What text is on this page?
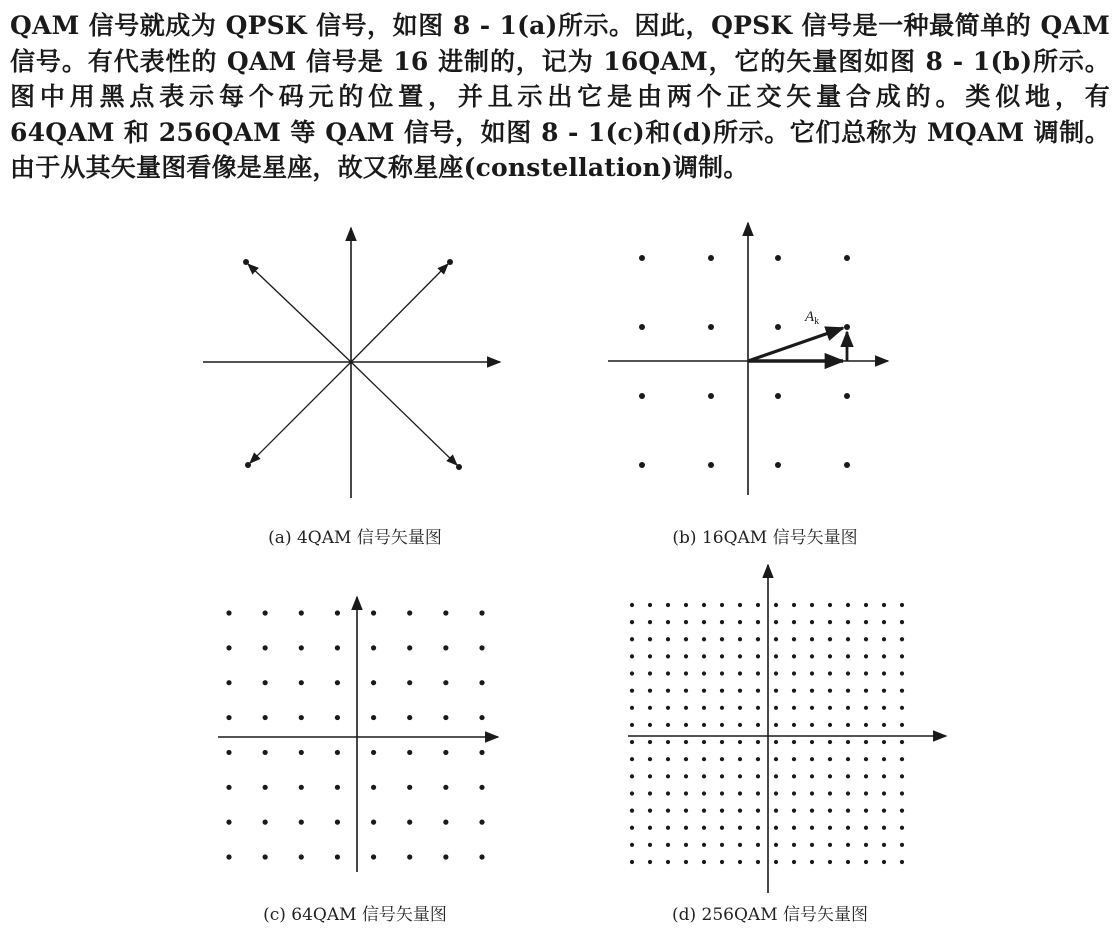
QAM 信号就成为 QPSK 信号，如图 8 - 1(a)所示。因此，QPSK 信号是一种最简单的 QAM
信号。有代表性的 QAM 信号是 16 进制的，记为 16QAM，它的矢量图如图 8 - 1(b)所示。
图中用黑点表示每个码元的位置，并且示出它是由两个正交矢量合成的。类似地，有
64QAM 和 256QAM 等 QAM 信号，如图 8 - 1(c)和(d)所示。它们总称为 MQAM 调制。
由于从其矢量图看像是星座，故又称星座(constellation)调制。
(a) 4QAM 信号矢量图
$A_k$
(b) 16QAM 信号矢量图
(c) 64QAM 信号矢量图	(d) 256QAM 信号矢量图
